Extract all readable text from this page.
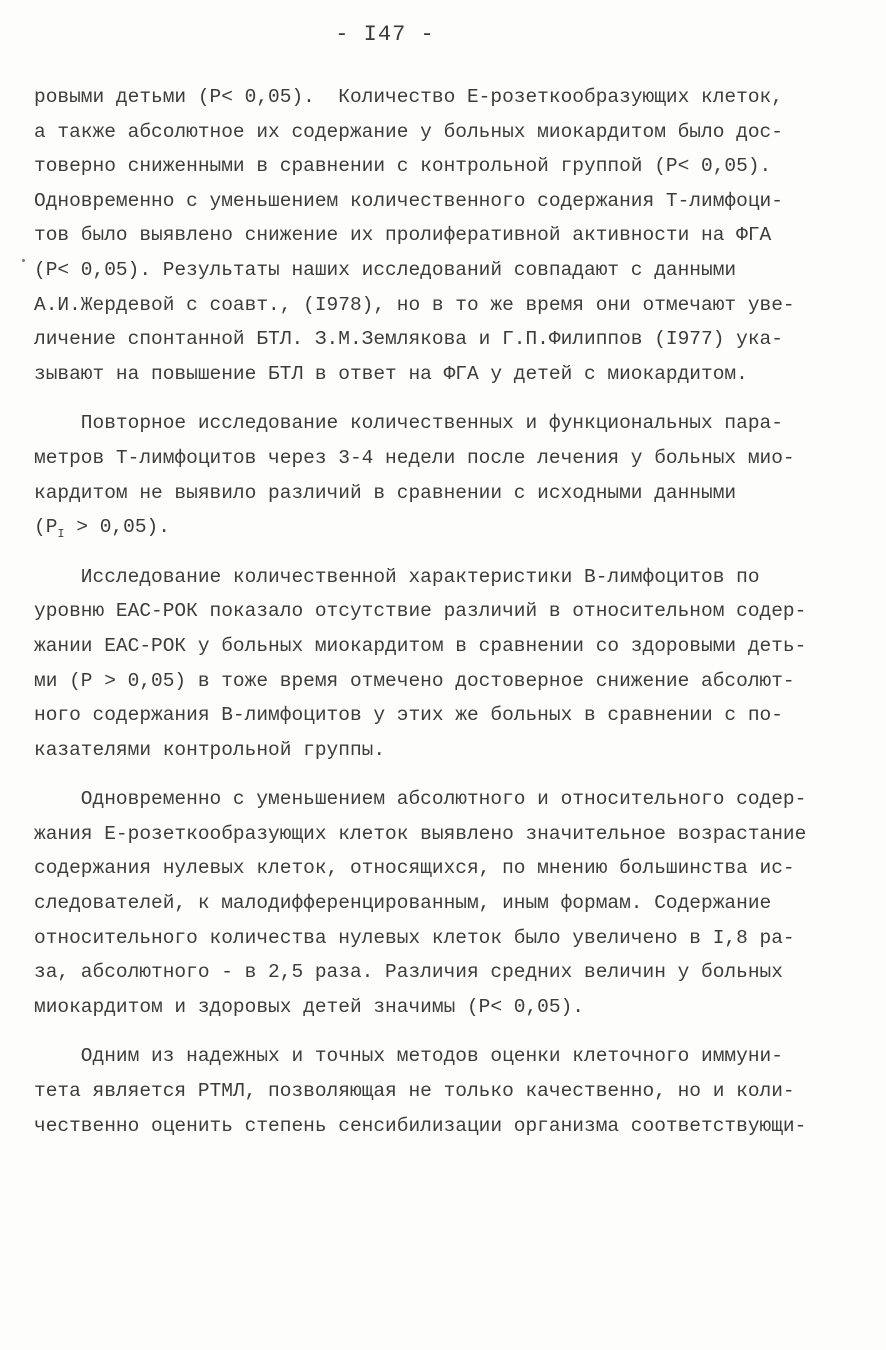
- I47 -
ровыми детьми (P< 0,05).  Количество Е-розеткообразующих клеток,
а также абсолютное их содержание у больных миокардитом было дос-
товерно сниженными в сравнении с контрольной группой (P< 0,05).
Одновременно с уменьшением количественного содержания Т-лимфоци-
тов было выявлено снижение их пролиферативной активности на ФГА
(P< 0,05). Результаты наших исследований совпадают с данными
А.И.Жердевой с соавт., (I978), но в то же время они отмечают уве-
личение спонтанной БТЛ. З.М.Землякова и Г.П.Филиппов (I977) ука-
зывают на повышение БТЛ в ответ на ФГА у детей с миокардитом.
Повторное исследование количественных и функциональных пара-
метров Т-лимфоцитов через 3-4 недели после лечения у больных мио-
кардитом не выявило различий в сравнении с исходными данными
$(P_I > 0,05)$.
Исследование количественной характеристики В-лимфоцитов по
уровню ЕАС-РОК показало отсутствие различий в относительном содер-
жании ЕАС-РОК у больных миокардитом в сравнении со здоровыми деть-
ми (P > 0,05) в тоже время отмечено достоверное снижение абсолют-
ного содержания В-лимфоцитов у этих же больных в сравнении с по-
казателями контрольной группы.
Одновременно с уменьшением абсолютного и относительного содер-
жания Е-розеткообразующих клеток выявлено значительное возрастание
содержания нулевых клеток, относящихся, по мнению большинства ис-
следователей, к малодифференцированным, иным формам. Содержание
относительного количества нулевых клеток было увеличено в I,8 ра-
за, абсолютного - в 2,5 раза. Различия средних величин у больных
миокардитом и здоровых детей значимы (P< 0,05).
Одним из надежных и точных методов оценки клеточного иммуни-
тета является РТМЛ, позволяющая не только качественно, но и коли-
чественно оценить степень сенсибилизации организма соответствующи-
